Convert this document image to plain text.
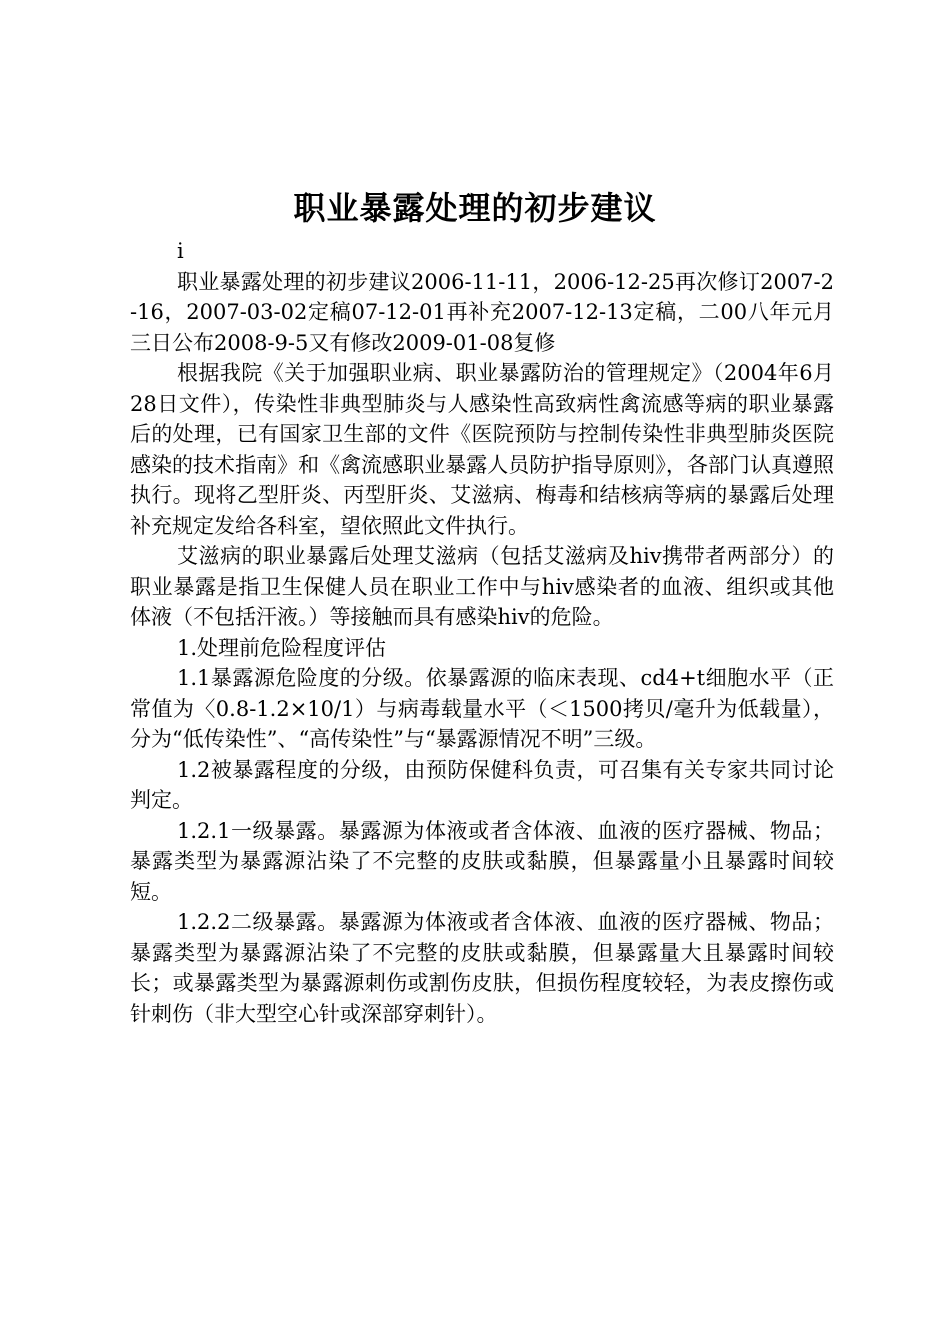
职业暴露处理的初步建议

i

职业暴露处理的初步建议2006-11-11，2006-12-25再次修订2007-2-16，2007-03-02定稿07-12-01再补充2007-12-13定稿，二00八年元月三日公布2008-9-5又有修改2009-01-08复修

根据我院《关于加强职业病、职业暴露防治的管理规定》（2004年6月28日文件），传染性非典型肺炎与人感染性高致病性禽流感等病的职业暴露后的处理，已有国家卫生部的文件《医院预防与控制传染性非典型肺炎医院感染的技术指南》和《禽流感职业暴露人员防护指导原则》，各部门认真遵照执行。现将乙型肝炎、丙型肝炎、艾滋病、梅毒和结核病等病的暴露后处理补充规定发给各科室，望依照此文件执行。

艾滋病的职业暴露后处理艾滋病（包括艾滋病及hiv携带者两部分）的职业暴露是指卫生保健人员在职业工作中与hiv感染者的血液、组织或其他体液（不包括汗液。）等接触而具有感染hiv的危险。

1.处理前危险程度评估

1.1暴露源危险度的分级。依暴露源的临床表现、cd4+t细胞水平（正常值为〈0.8-1.2×10/1）与病毒载量水平（＜1500拷贝/毫升为低载量），分为“低传染性”、“高传染性”与“暴露源情况不明”三级。

1.2被暴露程度的分级，由预防保健科负责，可召集有关专家共同讨论判定。

1.2.1一级暴露。暴露源为体液或者含体液、血液的医疗器械、物品；暴露类型为暴露源沾染了不完整的皮肤或黏膜，但暴露量小且暴露时间较短。

1.2.2二级暴露。暴露源为体液或者含体液、血液的医疗器械、物品；暴露类型为暴露源沾染了不完整的皮肤或黏膜，但暴露量大且暴露时间较长；或暴露类型为暴露源刺伤或割伤皮肤，但损伤程度较轻，为表皮擦伤或针刺伤（非大型空心针或深部穿刺针）。
